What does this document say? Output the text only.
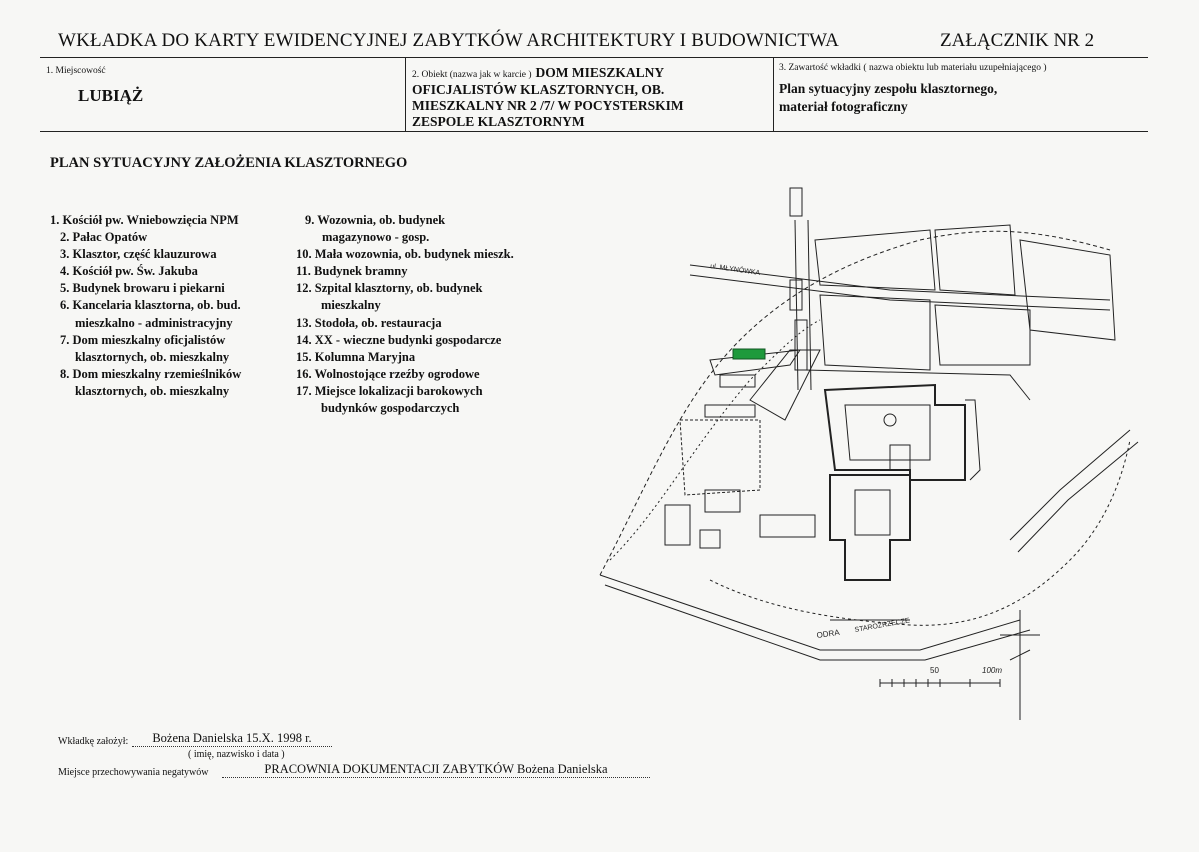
WKŁADKA DO KARTY EWIDENCYJNEJ ZABYTKÓW ARCHITEKTURY I BUDOWNICTWA	ZAŁĄCZNIK NR 2
1. Miejscowość
LUBIĄŻ
2. Obiekt (nazwa jak w karcie ) DOM MIESZKALNY
OFICJALISTÓW KLASZTORNYCH, OB.
MIESZKALNY NR 2 /7/ W POCYSTERSKIM
ZESPOLE KLASZTORNYM
3. Zawartość wkładki ( nazwa obiektu lub materiału uzupełniającego )
Plan sytuacyjny zespołu klasztornego,
materiał fotograficzny
PLAN SYTUACYJNY ZAŁOŻENIA KLASZTORNEGO
1. Kościół pw. Wniebowzięcia NPM
2. Pałac Opatów
3. Klasztor, część klauzurowa
4. Kościół pw. Św. Jakuba
5. Budynek browaru i piekarni
6. Kancelaria klasztorna, ob. bud.
mieszkalno - administracyjny
7. Dom mieszkalny oficjalistów
klasztornych, ob. mieszkalny
8. Dom mieszkalny rzemieślników
klasztornych, ob. mieszkalny
9. Wozownia, ob. budynek
magazynowo - gosp.
10. Mała wozownia, ob. budynek mieszk.
11. Budynek bramny
12. Szpital klasztorny, ob. budynek
mieszkalny
13. Stodoła, ob. restauracja
14. XX - wieczne budynki gospodarcze
15. Kolumna Maryjna
16. Wolnostojące rzeźby ogrodowe
17. Miejsce lokalizacji barokowych
budynków gospodarczych
ul. MŁYNÓWKA
ODRA STAROŻRZECZE
50	100m
Wkładkę założył:	Bożena Danielska 15.X. 1998 r.
( imię, nazwisko i data )
Miejsce przechowywania negatywów	PRACOWNIA DOKUMENTACJI ZABYTKÓW Bożena Danielska
